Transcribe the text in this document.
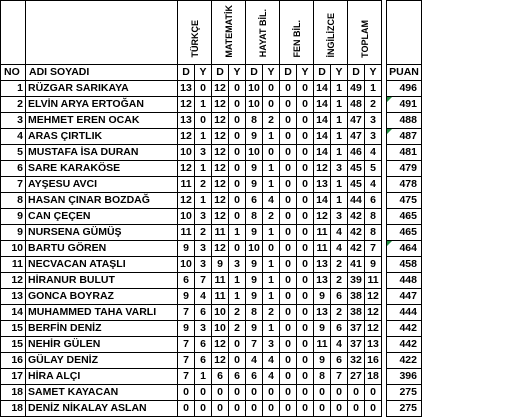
		TÜRKÇE		MATEMATİK		HAYAT BİL.		FEN BİL.		İNGİLİZCE		TOPLAM			
NO	ADI SOYADI	D	Y	D	Y	D	Y	D	Y	D	Y	D	Y		PUAN
1	RÜZGAR SARIKAYA	13	0	12	0	10	0	0	0	14	1	49	1		496
2	ELVİN ARYA ERTOĞAN	12	1	12	0	10	0	0	0	14	1	48	2		491
3	MEHMET EREN OCAK	13	0	12	0	8	2	0	0	14	1	47	3		488
4	ARAS ÇIRTLIK	12	1	12	0	9	1	0	0	14	1	47	3		487
5	MUSTAFA İSA DURAN	10	3	12	0	10	0	0	0	14	1	46	4		481
6	SARE KARAKÖSE	12	1	12	0	9	1	0	0	12	3	45	5		479
7	AYŞESU AVCI	11	2	12	0	9	1	0	0	13	1	45	4		478
8	HASAN ÇINAR BOZDAĞ	12	1	12	0	6	4	0	0	14	1	44	6		475
9	CAN ÇEÇEN	10	3	12	0	8	2	0	0	12	3	42	8		465
9	NURSENA GÜMÜŞ	11	2	11	1	9	1	0	0	11	4	42	8		465
10	BARTU GÖREN	9	3	12	0	10	0	0	0	11	4	42	7		464
11	NECVACAN ATAŞLI	10	3	9	3	9	1	0	0	13	2	41	9		458
12	HİRANUR BULUT	6	7	11	1	9	1	0	0	13	2	39	11		448
13	GONCA BOYRAZ	9	4	11	1	9	1	0	0	9	6	38	12		447
14	MUHAMMED TAHA VARLI	7	6	10	2	8	2	0	0	13	2	38	12		444
15	BERFİN DENİZ	9	3	10	2	9	1	0	0	9	6	37	12		442
15	NEHİR GÜLEN	7	6	12	0	7	3	0	0	11	4	37	13		442
16	GÜLAY DENİZ	7	6	12	0	4	4	0	0	9	6	32	16		422
17	HİRA ALÇI	7	1	6	6	6	4	0	0	8	7	27	18		396
18	SAMET KAYACAN	0	0	0	0	0	0	0	0	0	0	0	0		275
18	DENİZ NİKALAY ASLAN	0	0	0	0	0	0	0	0	0	0	0	0		275
